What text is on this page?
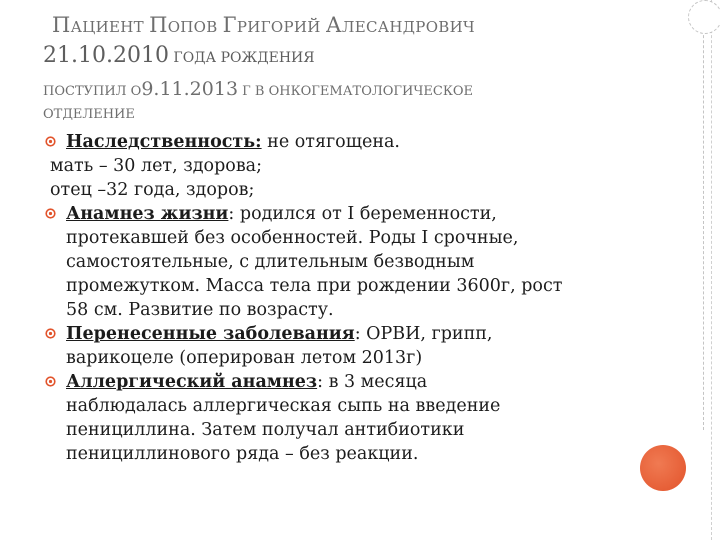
ПАЦИЕНТ ПОПОВ ГРИГОРИЙ АЛЕСАНДРОВИЧ
21.10.2010 ГОДА РОЖДЕНИЯ
ПОСТУПИЛ О9.11.2013 Г В ОНКОГЕМАТОЛОГИЧЕСКОЕ
ОТДЕЛЕНИЕ
Наследственность: не отягощена.
мать – 30 лет, здорова;
отец –32 года, здоров;
Анамнез жизни: родился от I беременности,
протекавшей без особенностей. Роды I срочные,
самостоятельные, с длительным безводным
промежутком. Масса тела при рождении 3600г, рост
58 см. Развитие по возрасту.
Перенесенные заболевания: ОРВИ, грипп,
варикоцеле (оперирован летом 2013г)
Аллергический анамнез: в 3 месяца
наблюдалась аллергическая сыпь на введение
пенициллина. Затем получал антибиотики
пенициллинового ряда – без реакции.
